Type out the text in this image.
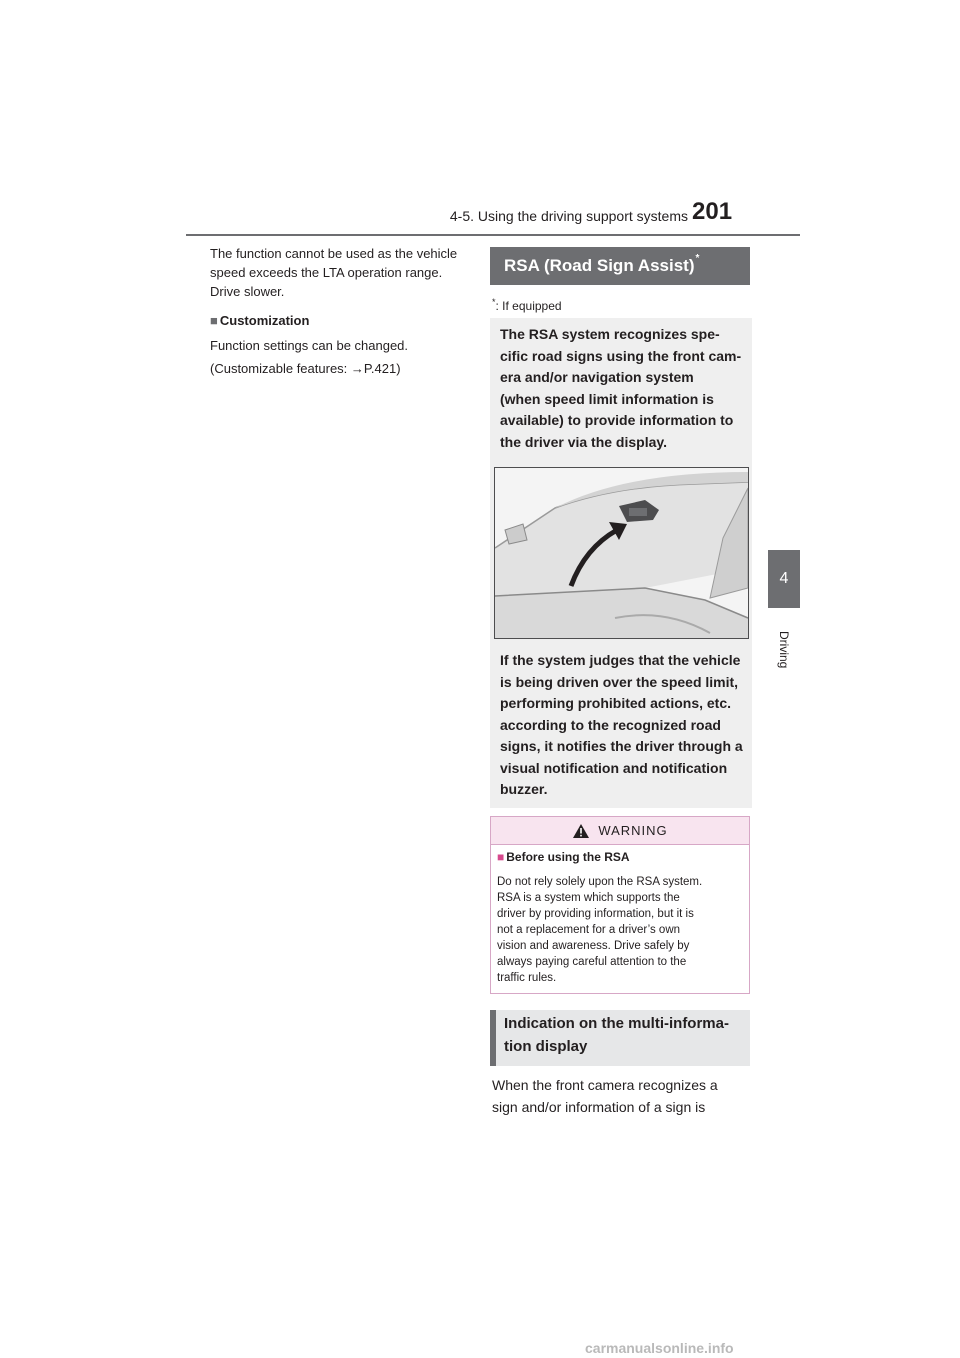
4-5. Using the driving support systems 201
4
Driving

The function cannot be used as the vehicle

speed exceeds the LTA operation range.

Drive slower.

■ Customization

Function settings can be changed.

(Customizable features: →P.421)

RSA (Road Sign Assist)*
*: If equipped

The RSA system recognizes spe-

cific road signs using the front cam-

era and/or navigation system

(when speed limit information is

available) to provide information to

the driver via the display.

If the system judges that the vehicle

is being driven over the speed limit,

performing prohibited actions, etc.

according to the recognized road

signs, it notifies the driver through a

visual notification and notification

buzzer.

WARNING
■ Before using the RSA
Do not rely solely upon the RSA system.
RSA is a system which supports the
driver by providing information, but it is
not a replacement for a driver’s own
vision and awareness. Drive safely by
always paying careful attention to the
traffic rules.
Indication on the multi-informa-
tion display

When the front camera recognizes a

sign and/or information of a sign is

carmanualsonline.info
